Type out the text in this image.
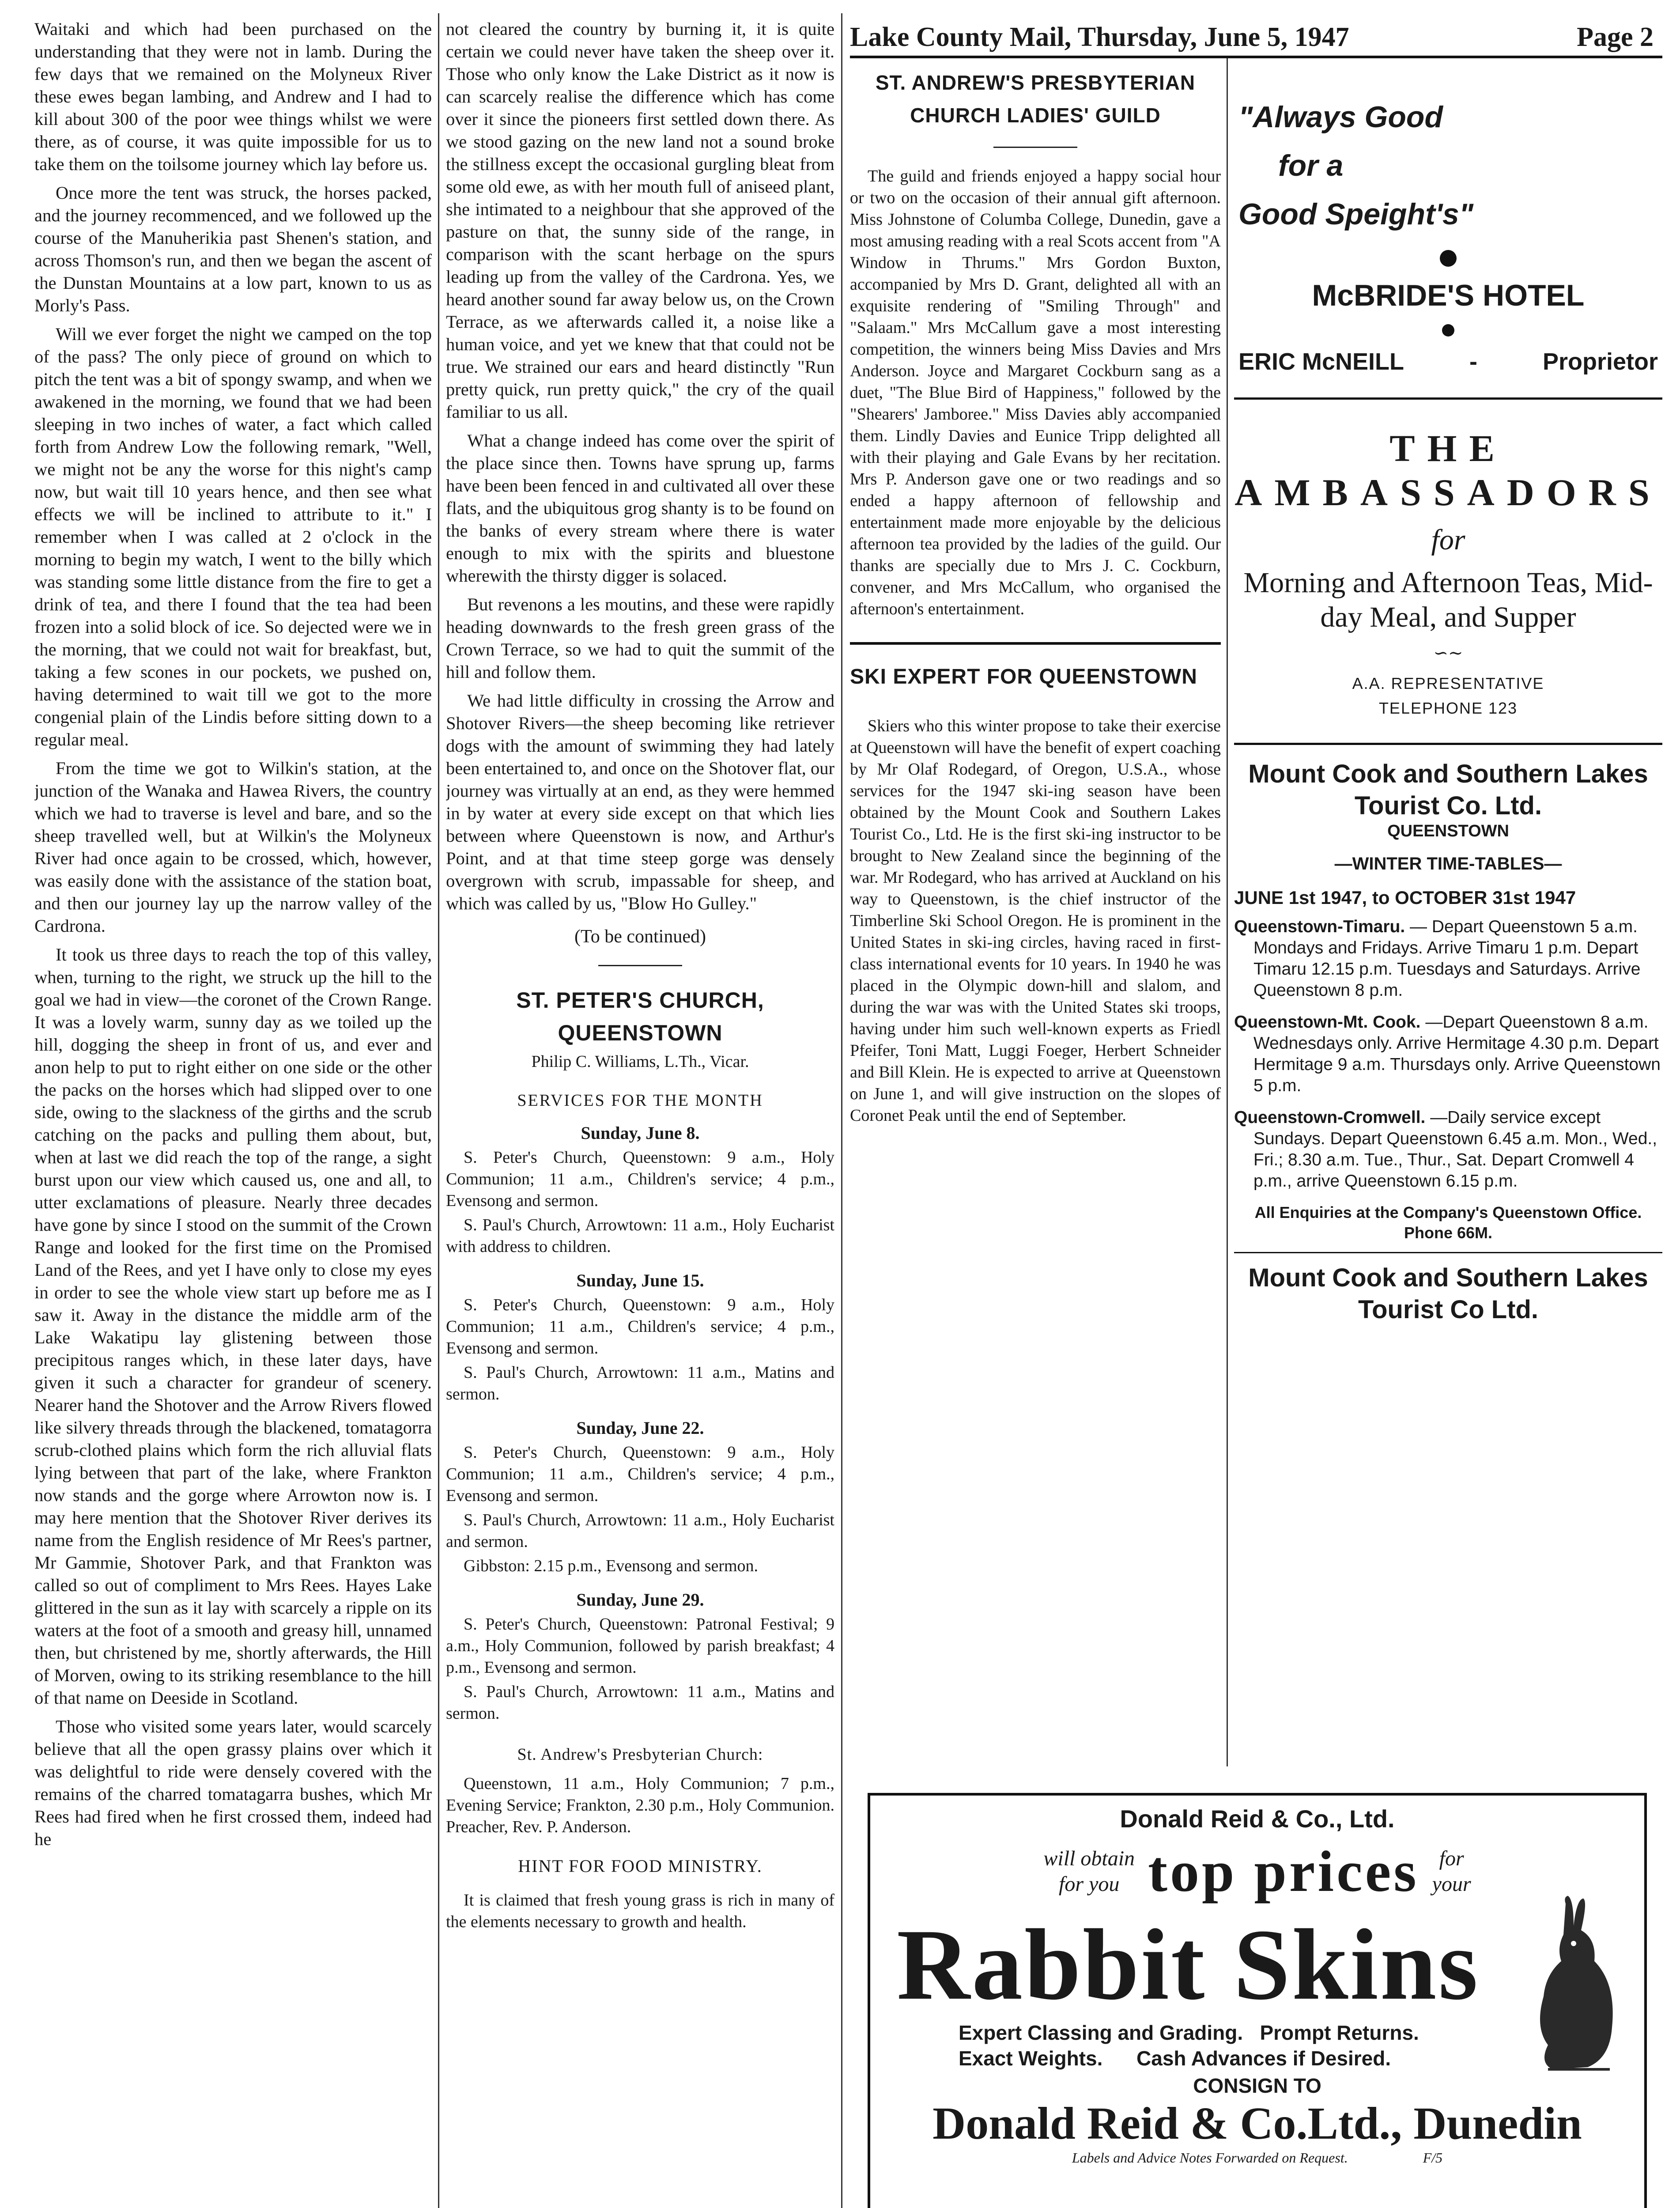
Lake County Mail, Thursday, June 5, 1947	Page 2

Waitaki and which had been purchased on the understanding that they were not in lamb. During the few days that we remained on the Molyneux River these ewes began lambing, and Andrew and I had to kill about 300 of the poor wee things whilst we were there, as of course, it was quite impossible for us to take them on the toilsome journey which lay before us.

Once more the tent was struck, the horses packed, and the journey recommenced, and we followed up the course of the Manuherikia past Shenen's station, and across Thomson's run, and then we began the ascent of the Dunstan Mountains at a low part, known to us as Morly's Pass.

Will we ever forget the night we camped on the top of the pass? The only piece of ground on which to pitch the tent was a bit of spongy swamp, and when we awakened in the morning, we found that we had been sleeping in two inches of water, a fact which called forth from Andrew Low the following remark, "Well, we might not be any the worse for this night's camp now, but wait till 10 years hence, and then see what effects we will be inclined to attribute to it." I remember when I was called at 2 o'clock in the morning to begin my watch, I went to the billy which was standing some little distance from the fire to get a drink of tea, and there I found that the tea had been frozen into a solid block of ice. So dejected were we in the morning, that we could not wait for breakfast, but, taking a few scones in our pockets, we pushed on, having determined to wait till we got to the more congenial plain of the Lindis before sitting down to a regular meal.

From the time we got to Wilkin's station, at the junction of the Wanaka and Hawea Rivers, the country which we had to traverse is level and bare, and so the sheep travelled well, but at Wilkin's the Molyneux River had once again to be crossed, which, however, was easily done with the assistance of the station boat, and then our journey lay up the narrow valley of the Cardrona.

It took us three days to reach the top of this valley, when, turning to the right, we struck up the hill to the goal we had in view—the coronet of the Crown Range. It was a lovely warm, sunny day as we toiled up the hill, dogging the sheep in front of us, and ever and anon help to put to right either on one side or the other the packs on the horses which had slipped over to one side, owing to the slackness of the girths and the scrub catching on the packs and pulling them about, but, when at last we did reach the top of the range, a sight burst upon our view which caused us, one and all, to utter exclamations of pleasure. Nearly three decades have gone by since I stood on the summit of the Crown Range and looked for the first time on the Promised Land of the Rees, and yet I have only to close my eyes in order to see the whole view start up before me as I saw it. Away in the distance the middle arm of the Lake Wakatipu lay glistening between those precipitous ranges which, in these later days, have given it such a character for grandeur of scenery. Nearer hand the Shotover and the Arrow Rivers flowed like silvery threads through the blackened, tomatagorra scrub-clothed plains which form the rich alluvial flats lying between that part of the lake, where Frankton now stands and the gorge where Arrowton now is. I may here mention that the Shotover River derives its name from the English residence of Mr Rees's partner, Mr Gammie, Shotover Park, and that Frankton was called so out of compliment to Mrs Rees. Hayes Lake glittered in the sun as it lay with scarcely a ripple on its waters at the foot of a smooth and greasy hill, unnamed then, but christened by me, shortly afterwards, the Hill of Morven, owing to its striking resemblance to the hill of that name on Deeside in Scotland.

Those who visited some years later, would scarcely believe that all the open grassy plains over which it was delightful to ride were densely covered with the remains of the charred tomatagarra bushes, which Mr Rees had fired when he first crossed them, indeed had he

not cleared the country by burning it, it is quite certain we could never have taken the sheep over it. Those who only know the Lake District as it now is can scarcely realise the difference which has come over it since the pioneers first settled down there. As we stood gazing on the new land not a sound broke the stillness except the occasional gurgling bleat from some old ewe, as with her mouth full of aniseed plant, she intimated to a neighbour that she approved of the pasture on that, the sunny side of the range, in comparison with the scant herbage on the spurs leading up from the valley of the Cardrona. Yes, we heard another sound far away below us, on the Crown Terrace, as we afterwards called it, a noise like a human voice, and yet we knew that that could not be true. We strained our ears and heard distinctly "Run pretty quick, run pretty quick," the cry of the quail familiar to us all.

What a change indeed has come over the spirit of the place since then. Towns have sprung up, farms have been been fenced in and cultivated all over these flats, and the ubiquitous grog shanty is to be found on the banks of every stream where there is water enough to mix with the spirits and bluestone wherewith the thirsty digger is solaced.

But revenons a les moutins, and these were rapidly heading downwards to the fresh green grass of the Crown Terrace, so we had to quit the summit of the hill and follow them.

We had little difficulty in crossing the Arrow and Shotover Rivers—the sheep becoming like retriever dogs with the amount of swimming they had lately been entertained to, and once on the Shotover flat, our journey was virtually at an end, as they were hemmed in by water at every side except on that which lies between where Queenstown is now, and Arthur's Point, and at that time steep gorge was densely overgrown with scrub, impassable for sheep, and which was called by us, "Blow Ho Gulley."

(To be continued)
ST. PETER'S CHURCH, QUEENSTOWN
Philip C. Williams, L.Th., Vicar.
SERVICES FOR THE MONTH
Sunday, June 8.

S. Peter's Church, Queenstown: 9 a.m., Holy Communion; 11 a.m., Children's service; 4 p.m., Evensong and sermon.

S. Paul's Church, Arrowtown: 11 a.m., Holy Eucharist with address to children.

Sunday, June 15.

S. Peter's Church, Queenstown: 9 a.m., Holy Communion; 11 a.m., Children's service; 4 p.m., Evensong and sermon.

S. Paul's Church, Arrowtown: 11 a.m., Matins and sermon.

Sunday, June 22.

S. Peter's Church, Queenstown: 9 a.m., Holy Communion; 11 a.m., Children's service; 4 p.m., Evensong and sermon.

S. Paul's Church, Arrowtown: 11 a.m., Holy Eucharist and sermon.

Gibbston: 2.15 p.m., Evensong and sermon.

Sunday, June 29.

S. Peter's Church, Queenstown: Patronal Festival; 9 a.m., Holy Communion, followed by parish breakfast; 4 p.m., Evensong and sermon.

S. Paul's Church, Arrowtown: 11 a.m., Matins and sermon.

St. Andrew's Presbyterian Church:

Queenstown, 11 a.m., Holy Communion; 7 p.m., Evening Service; Frankton, 2.30 p.m., Holy Communion. Preacher, Rev. P. Anderson.

HINT FOR FOOD MINISTRY.

It is claimed that fresh young grass is rich in many of the elements necessary to growth and health.

ST. ANDREW'S PRESBYTERIAN CHURCH LADIES' GUILD

The guild and friends enjoyed a happy social hour or two on the occasion of their annual gift afternoon. Miss Johnstone of Columba College, Dunedin, gave a most amusing reading with a real Scots accent from "A Window in Thrums." Mrs Gordon Buxton, accompanied by Mrs D. Grant, delighted all with an exquisite rendering of "Smiling Through" and "Salaam." Mrs McCallum gave a most interesting competition, the winners being Miss Davies and Mrs Anderson. Joyce and Margaret Cockburn sang as a duet, "The Blue Bird of Happiness," followed by the "Shearers' Jamboree." Miss Davies ably accompanied them. Lindly Davies and Eunice Tripp delighted all with their playing and Gale Evans by her recitation. Mrs P. Anderson gave one or two readings and so ended a happy afternoon of fellowship and entertainment made more enjoyable by the delicious afternoon tea provided by the ladies of the guild. Our thanks are specially due to Mrs J. C. Cockburn, convener, and Mrs McCallum, who organised the afternoon's entertainment.

SKI EXPERT FOR QUEENSTOWN

Skiers who this winter propose to take their exercise at Queenstown will have the benefit of expert coaching by Mr Olaf Rodegard, of Oregon, U.S.A., whose services for the 1947 ski-ing season have been obtained by the Mount Cook and Southern Lakes Tourist Co., Ltd. He is the first ski-ing instructor to be brought to New Zealand since the beginning of the war. Mr Rodegard, who has arrived at Auckland on his way to Queenstown, is the chief instructor of the Timberline Ski School Oregon. He is prominent in the United States in ski-ing circles, having raced in first-class international events for 10 years. In 1940 he was placed in the Olympic down-hill and slalom, and during the war was with the United States ski troops, having under him such well-known experts as Friedl Pfeifer, Toni Matt, Luggi Foeger, Herbert Schneider and Bill Klein. He is expected to arrive at Queenstown on June 1, and will give instruction on the slopes of Coronet Peak until the end of September.

"Always Good
for a
Good Speight's"
McBRIDE'S HOTEL
ERIC McNEILL	-	Proprietor
THE AMBASSADORS
for
Morning and Afternoon Teas, Mid-day Meal, and Supper
∽∼
A.A. REPRESENTATIVE
TELEPHONE 123
Mount Cook and Southern Lakes Tourist Co. Ltd.
QUEENSTOWN
—WINTER TIME-TABLES—
JUNE 1st 1947, to OCTOBER 31st 1947
Queenstown-Timaru. — Depart Queenstown 5 a.m. Mondays and Fridays. Arrive Timaru 1 p.m. Depart Timaru 12.15 p.m. Tuesdays and Saturdays. Arrive Queenstown 8 p.m.
Queenstown-Mt. Cook. —Depart Queenstown 8 a.m. Wednesdays only. Arrive Hermitage 4.30 p.m. Depart Hermitage 9 a.m. Thursdays only. Arrive Queenstown 5 p.m.
Queenstown-Cromwell. —Daily service except Sundays. Depart Queenstown 6.45 a.m. Mon., Wed., Fri.; 8.30 a.m. Tue., Thur., Sat. Depart Cromwell 4 p.m., arrive Queenstown 6.15 p.m.
All Enquiries at the Company's Queenstown Office. Phone 66M.
Mount Cook and Southern Lakes Tourist Co Ltd.
Donald Reid & Co., Ltd.
will obtain
for you top prices for
your
Rabbit Skins
Expert Classing and Grading.   Prompt Returns.
Exact Weights.      Cash Advances if Desired.
CONSIGN TO
Donald Reid & Co.Ltd., Dunedin
Labels and Advice Notes Forwarded on Request.	F/5
